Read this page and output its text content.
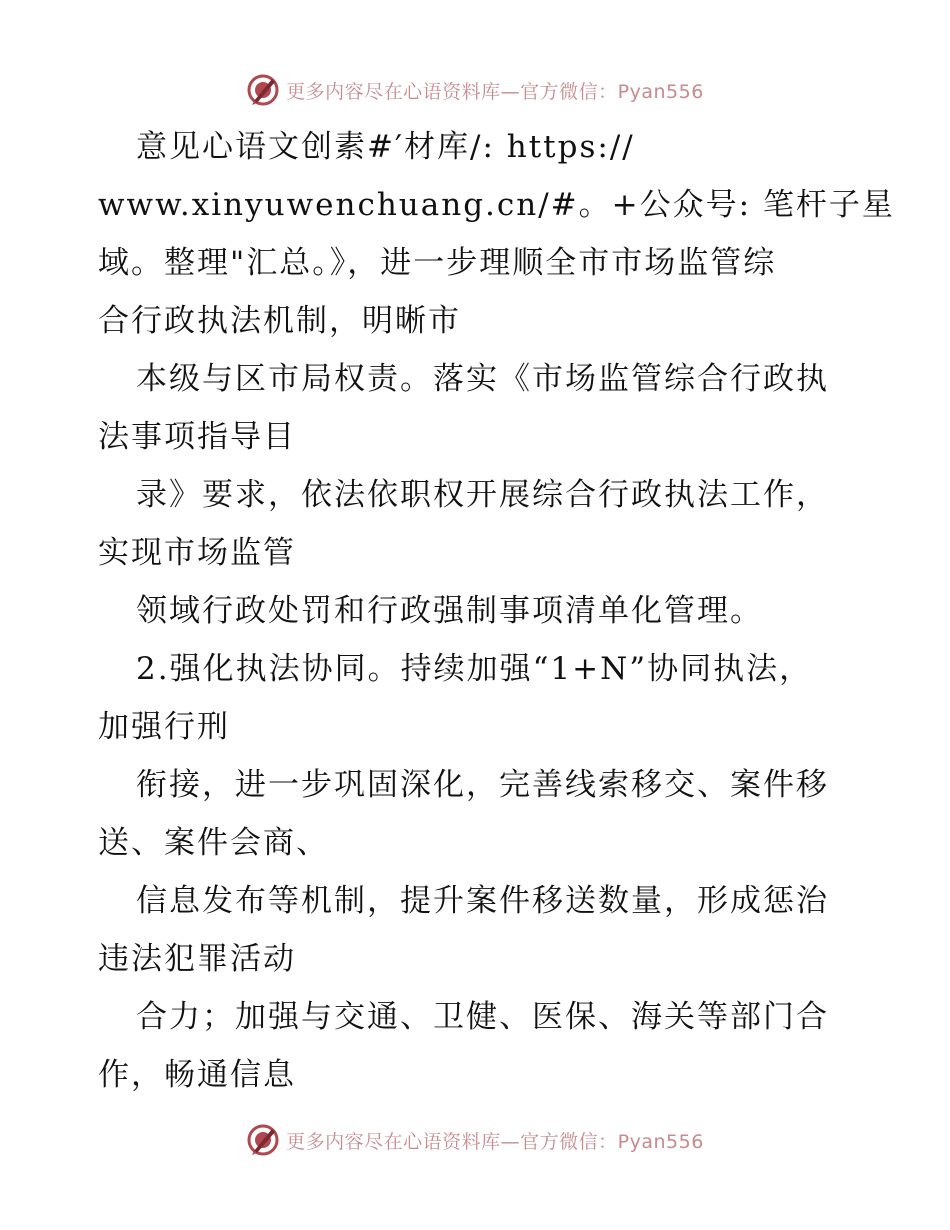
更多内容尽在心语资料库—官方微信：Pyan556
意见心语文创素#′材库/: https://
www.xinyuwenchuang.cn/#。+公众号: 笔杆子星
域。整理"汇总。》，进一步理顺全市市场监管综
合行政执法机制，明晰市
本级与区市局权责。落实《市场监管综合行政执
法事项指导目
录》要求，依法依职权开展综合行政执法工作，
实现市场监管
领域行政处罚和行政强制事项清单化管理。
2.强化执法协同。持续加强“1+N”协同执法，
加强行刑
衔接，进一步巩固深化，完善线索移交、案件移
送、案件会商、
信息发布等机制，提升案件移送数量，形成惩治
违法犯罪活动
合力；加强与交通、卫健、医保、海关等部门合
作，畅通信息
更多内容尽在心语资料库—官方微信：Pyan556
